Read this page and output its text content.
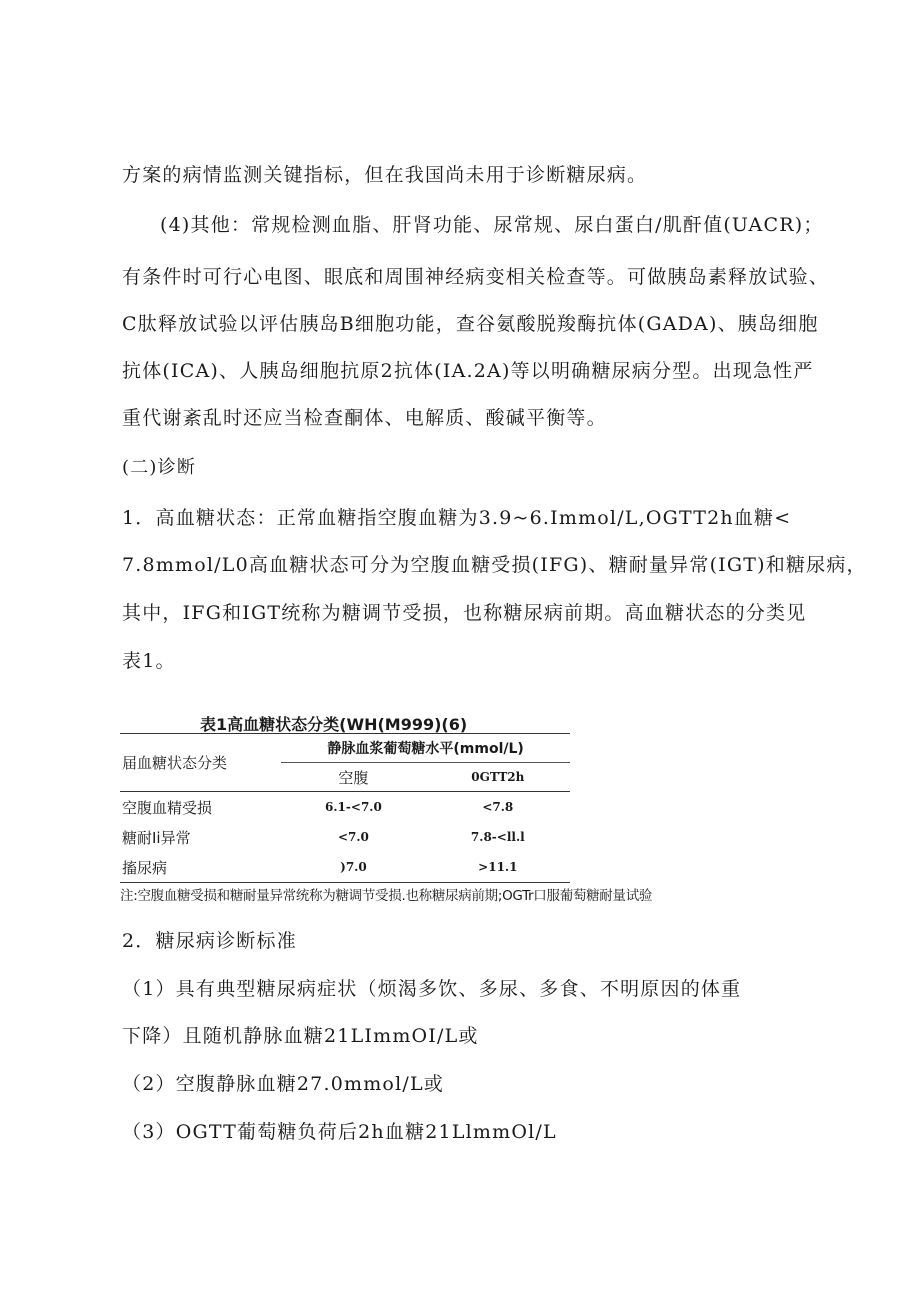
方案的病情监测关键指标，但在我国尚未用于诊断糖尿病。
(4)其他：常规检测血脂、肝肾功能、尿常规、尿白蛋白/肌酐值(UACR)；
有条件时可行心电图、眼底和周围神经病变相关检查等。可做胰岛素释放试验、
C肽释放试验以评估胰岛B细胞功能，查谷氨酸脱羧酶抗体(GADA)、胰岛细胞
抗体(ICA)、人胰岛细胞抗原2抗体(IA.2A)等以明确糖尿病分型。出现急性严
重代谢紊乱时还应当检查酮体、电解质、酸碱平衡等。
(二)诊断
1．高血糖状态：正常血糖指空腹血糖为3.9~6.Immol/L,OGTT2h血糖<
7.8mmol/L0高血糖状态可分为空腹血糖受损(IFG)、糖耐量异常(IGT)和糖尿病，
其中，IFG和IGT统称为糖调节受损，也称糖尿病前期。高血糖状态的分类见
表1。
表1高血糖状态分类(WH(M999)(6)
届血糖状态分类	静脉血浆葡萄糖水平(mmol/L)	
	空腹	0GTT2h
空腹血精受损	6.1-<7.0	<7.8
糖耐Ii异常	<7.0	7.8-<ll.l
搐尿病	)7.0	>11.1
注:空腹血糖受损和糖耐量异常统称为糖调节受损.也称糖尿病前期;OGTr口服葡萄糖耐量试验
2．糖尿病诊断标准
（1）具有典型糖尿病症状（烦渴多饮、多尿、多食、不明原因的体重
下降）且随机静脉血糖21LImmOI/L或
（2）空腹静脉血糖27.0mmol/L或
（3）OGTT葡萄糖负荷后2h血糖21LlmmOl/L
